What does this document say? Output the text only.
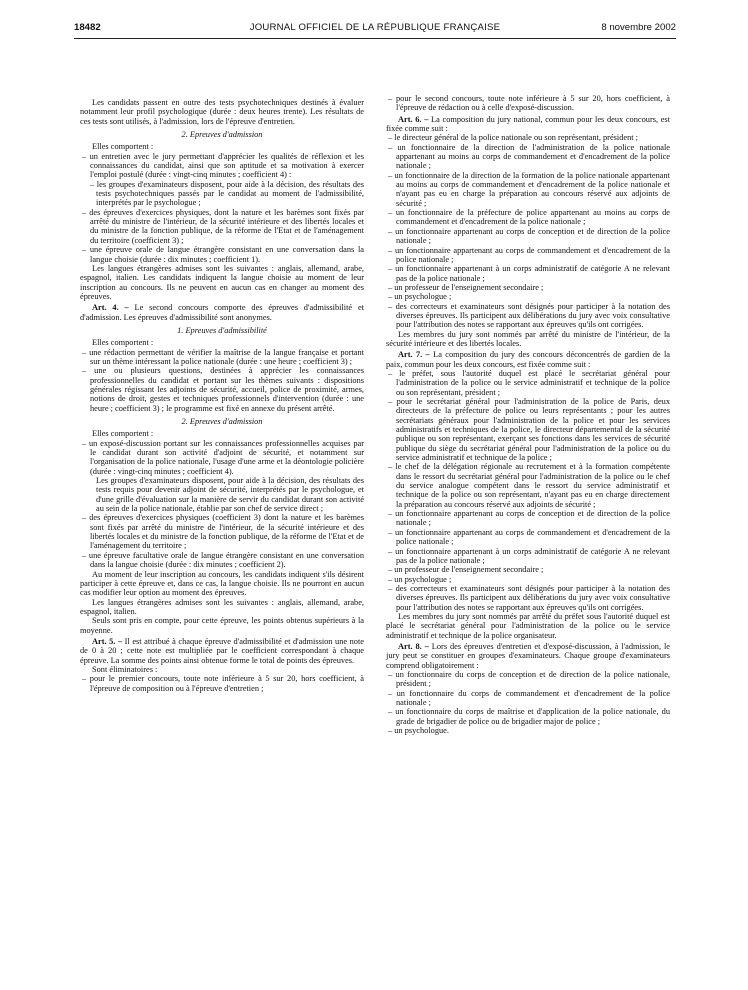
18482	JOURNAL OFFICIEL DE LA RÉPUBLIQUE FRANÇAISE	8 novembre 2002

Les candidats passent en outre des tests psychotechniques destinés à évaluer notamment leur profil psychologique (durée : deux heures trente). Les résultats de ces tests sont utilisés, à l'admission, lors de l'épreuve d'entretien.

2. Epreuves d'admission

Elles comportent :

– un entretien avec le jury permettant d'apprécier les qualités de réflexion et les connaissances du candidat, ainsi que son aptitude et sa motivation à exercer l'emploi postulé (durée : vingt-cinq minutes ; coefficient 4) :

– les groupes d'examinateurs disposent, pour aide à la décision, des résultats des tests psychotechniques passés par le candidat au moment de l'admissibilité, interprétés par le psychologue ;

– des épreuves d'exercices physiques, dont la nature et les barèmes sont fixés par arrêté du ministre de l'intérieur, de la sécurité intérieure et des libertés locales et du ministre de la fonction publique, de la réforme de l'Etat et de l'aménagement du territoire (coefficient 3) ;

– une épreuve orale de langue étrangère consistant en une conversation dans la langue choisie (durée : dix minutes ; coefficient 1).

Les langues étrangères admises sont les suivantes : anglais, allemand, arabe, espagnol, italien. Les candidats indiquent la langue choisie au moment de leur inscription au concours. Ils ne peuvent en aucun cas en changer au moment des épreuves.

Art. 4. – Le second concours comporte des épreuves d'admissibilité et d'admission. Les épreuves d'admissibilité sont anonymes.

1. Epreuves d'admissibilité

Elles comportent :

– une rédaction permettant de vérifier la maîtrise de la langue française et portant sur un thème intéressant la police nationale (durée : une heure ; coefficient 3) ;

– une ou plusieurs questions, destinées à apprécier les connaissances professionnelles du candidat et portant sur les thèmes suivants : dispositions générales régissant les adjoints de sécurité, accueil, police de proximité, armes, notions de droit, gestes et techniques professionnels d'intervention (durée : une heure ; coefficient 3) ; le programme est fixé en annexe du présent arrêté.

2. Epreuves d'admission

Elles comportent :

– un exposé-discussion portant sur les connaissances professionnelles acquises par le candidat durant son activité d'adjoint de sécurité, et notamment sur l'organisation de la police nationale, l'usage d'une arme et la déontologie policière (durée : vingt-cinq minutes ; coefficient 4).

Les groupes d'examinateurs disposent, pour aide à la décision, des résultats des tests requis pour devenir adjoint de sécurité, interprétés par le psychologue, et d'une grille d'évaluation sur la manière de servir du candidat durant son activité au sein de la police nationale, établie par son chef de service direct ;

– des épreuves d'exercices physiques (coefficient 3) dont la nature et les barèmes sont fixés par arrêté du ministre de l'intérieur, de la sécurité intérieure et des libertés locales et du ministre de la fonction publique, de la réforme de l'Etat et de l'aménagement du territoire ;

– une épreuve facultative orale de langue étrangère consistant en une conversation dans la langue choisie (durée : dix minutes ; coefficient 2).

Au moment de leur inscription au concours, les candidats indiquent s'ils désirent participer à cette épreuve et, dans ce cas, la langue choisie. Ils ne pourront en aucun cas modifier leur option au moment des épreuves.

Les langues étrangères admises sont les suivantes : anglais, allemand, arabe, espagnol, italien.

Seuls sont pris en compte, pour cette épreuve, les points obtenus supérieurs à la moyenne.

Art. 5. – Il est attribué à chaque épreuve d'admissibilité et d'admission une note de 0 à 20 ; cette note est multipliée par le coefficient correspondant à chaque épreuve. La somme des points ainsi obtenue forme le total de points des épreuves.

Sont éliminatoires :

– pour le premier concours, toute note inférieure à 5 sur 20, hors coefficient, à l'épreuve de composition ou à l'épreuve d'entretien ;

– pour le second concours, toute note inférieure à 5 sur 20, hors coefficient, à l'épreuve de rédaction ou à celle d'exposé-discussion.

Art. 6. – La composition du jury national, commun pour les deux concours, est fixée comme suit :

– le directeur général de la police nationale ou son représentant, président ;

– un fonctionnaire de la direction de l'administration de la police nationale appartenant au moins au corps de commandement et d'encadrement de la police nationale ;

– un fonctionnaire de la direction de la formation de la police nationale appartenant au moins au corps de commandement et d'encadrement de la police nationale et n'ayant pas eu en charge la préparation au concours réservé aux adjoints de sécurité ;

– un fonctionnaire de la préfecture de police appartenant au moins au corps de commandement et d'encadrement de la police nationale ;

– un fonctionnaire appartenant au corps de conception et de direction de la police nationale ;

– un fonctionnaire appartenant au corps de commandement et d'encadrement de la police nationale ;

– un fonctionnaire appartenant à un corps administratif de catégorie A ne relevant pas de la police nationale ;

– un professeur de l'enseignement secondaire ;

– un psychologue ;

– des correcteurs et examinateurs sont désignés pour participer à la notation des diverses épreuves. Ils participent aux délibérations du jury avec voix consultative pour l'attribution des notes se rapportant aux épreuves qu'ils ont corrigées.

Les membres du jury sont nommés par arrêté du ministre de l'intérieur, de la sécurité intérieure et des libertés locales.

Art. 7. – La composition du jury des concours déconcentrés de gardien de la paix, commun pour les deux concours, est fixée comme suit :

– le préfet, sous l'autorité duquel est placé le secrétariat général pour l'administration de la police ou le service administratif et technique de la police ou son représentant, président ;

– pour le secrétariat général pour l'administration de la police de Paris, deux directeurs de la préfecture de police ou leurs représentants ; pour les autres secrétariats généraux pour l'administration de la police et pour les services administratifs et techniques de la police, le directeur départemental de la sécurité publique ou son représentant, exerçant ses fonctions dans les services de sécurité publique du siège du secrétariat général pour l'administration de la police ou du service administratif et technique de la police ;

– le chef de la délégation régionale au recrutement et à la formation compétente dans le ressort du secrétariat général pour l'administration de la police ou le chef du service analogue compétent dans le ressort du service administratif et technique de la police ou son représentant, n'ayant pas eu en charge directement la préparation au concours réservé aux adjoints de sécurité ;

– un fonctionnaire appartenant au corps de conception et de direction de la police nationale ;

– un fonctionnaire appartenant au corps de commandement et d'encadrement de la police nationale ;

– un fonctionnaire appartenant à un corps administratif de catégorie A ne relevant pas de la police nationale ;

– un professeur de l'enseignement secondaire ;

– un psychologue ;

– des correcteurs et examinateurs sont désignés pour participer à la notation des diverses épreuves. Ils participent aux délibérations du jury avec voix consultative pour l'attribution des notes se rapportant aux épreuves qu'ils ont corrigées.

Les membres du jury sont nommés par arrêté du préfet sous l'autorité duquel est placé le secrétariat général pour l'administration de la police ou le service administratif et technique de la police organisateur.

Art. 8. – Lors des épreuves d'entretien et d'exposé-discussion, à l'admission, le jury peut se constituer en groupes d'examinateurs. Chaque groupe d'examinateurs comprend obligatoirement :

– un fonctionnaire du corps de conception et de direction de la police nationale, président ;

– un fonctionnaire du corps de commandement et d'encadrement de la police nationale ;

– un fonctionnaire du corps de maîtrise et d'application de la police nationale, du grade de brigadier de police ou de brigadier major de police ;

– un psychologue.
